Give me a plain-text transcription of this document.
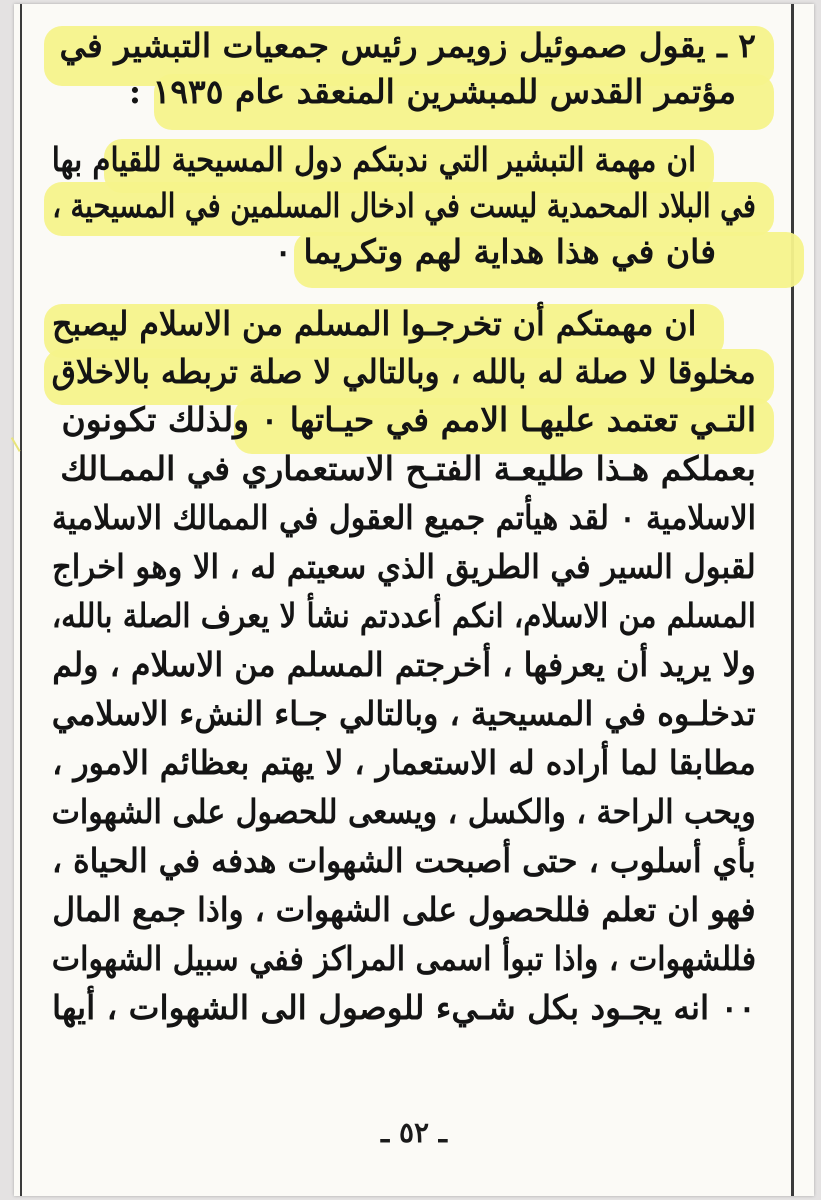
٢ ـ يقول صموئيل زويمر رئيس جمعيات التبشير في
مؤتمر القدس للمبشرين المنعقد عام ١٩٣٥ :
ان مهمة التبشير التي ندبتكم دول المسيحية للقيام بها
في البلاد المحمدية ليست في ادخال المسلمين في المسيحية ،
فان في هذا هداية لهم وتكريما ٠
ان مهمتكم أن تخرجـوا المسلم من الاسلام ليصبح
مخلوقا لا صلة له بالله ، وبالتالي لا صلة تربطه بالاخلاق
التـي تعتمد عليهـا الامم في حيـاتها ٠ ولذلك تكونون
بعملكم هـذا طليعـة الفتـح الاستعماري في الممـالك
الاسلامية ٠ لقد هيأتم جميع العقول في الممالك الاسلامية
لقبول السير في الطريق الذي سعيتم له ، الا وهو اخراج
المسلم من الاسلام، انكم أعددتم نشأ لا يعرف الصلة بالله،
ولا يريد أن يعرفها ، أخرجتم المسلم من الاسلام ، ولم
تدخلـوه في المسيحية ، وبالتالي جـاء النشء الاسلامي
مطابقا لما أراده له الاستعمار ، لا يهتم بعظائم الامور ،
ويحب الراحة ، والكسل ، ويسعى للحصول على الشهوات
بأي أسلوب ، حتى أصبحت الشهوات هدفه في الحياة ،
فهو ان تعلم فللحصول على الشهوات ، واذا جمع المال
فللشهوات ، واذا تبوأ اسمى المراكز ففي سبيل الشهوات
٠٠ انه يجـود بكل شـيء للوصول الى الشهوات ، أيها
ـ ٥٢ ـ
